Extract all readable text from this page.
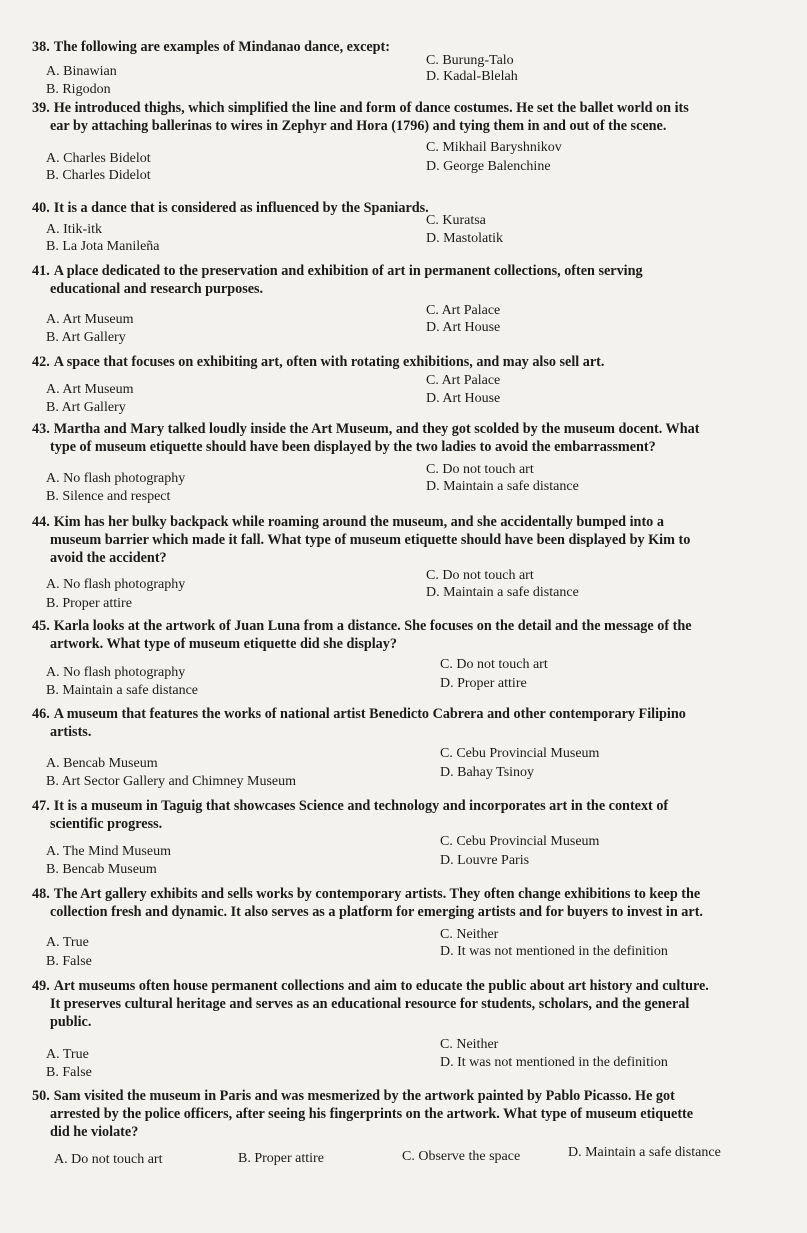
38. The following are examples of Mindanao dance, except:
A. Binawian
B. Rigodon
C. Burung-Talo
D. Kadal-Blelah
39. He introduced thighs, which simplified the line and form of dance costumes. He set the ballet world on its
ear by attaching ballerinas to wires in Zephyr and Hora (1796) and tying them in and out of the scene.
A. Charles Bidelot
B. Charles Didelot
C. Mikhail Baryshnikov
D. George Balenchine
40. It is a dance that is considered as influenced by the Spaniards.
A. Itik-itk
B. La Jota Manileña
C. Kuratsa
D. Mastolatik
41. A place dedicated to the preservation and exhibition of art in permanent collections, often serving
educational and research purposes.
A. Art Museum
B. Art Gallery
C. Art Palace
D. Art House
42. A space that focuses on exhibiting art, often with rotating exhibitions, and may also sell art.
A. Art Museum
B. Art Gallery
C. Art Palace
D. Art House
43. Martha and Mary talked loudly inside the Art Museum, and they got scolded by the museum docent. What
type of museum etiquette should have been displayed by the two ladies to avoid the embarrassment?
A. No flash photography
B. Silence and respect
C. Do not touch art
D. Maintain a safe distance
44. Kim has her bulky backpack while roaming around the museum, and she accidentally bumped into a
museum barrier which made it fall. What type of museum etiquette should have been displayed by Kim to
avoid the accident?
A. No flash photography
B. Proper attire
C. Do not touch art
D. Maintain a safe distance
45. Karla looks at the artwork of Juan Luna from a distance. She focuses on the detail and the message of the
artwork. What type of museum etiquette did she display?
A. No flash photography
B. Maintain a safe distance
C. Do not touch art
D. Proper attire
46. A museum that features the works of national artist Benedicto Cabrera and other contemporary Filipino
artists.
A. Bencab Museum
B. Art Sector Gallery and Chimney Museum
C. Cebu Provincial Museum
D. Bahay Tsinoy
47. It is a museum in Taguig that showcases Science and technology and incorporates art in the context of
scientific progress.
A. The Mind Museum
B. Bencab Museum
C. Cebu Provincial Museum
D. Louvre Paris
48. The Art gallery exhibits and sells works by contemporary artists. They often change exhibitions to keep the
collection fresh and dynamic. It also serves as a platform for emerging artists and for buyers to invest in art.
A. True
B. False
C. Neither
D. It was not mentioned in the definition
49. Art museums often house permanent collections and aim to educate the public about art history and culture.
It preserves cultural heritage and serves as an educational resource for students, scholars, and the general
public.
A. True
B. False
C. Neither
D. It was not mentioned in the definition
50. Sam visited the museum in Paris and was mesmerized by the artwork painted by Pablo Picasso. He got
arrested by the police officers, after seeing his fingerprints on the artwork. What type of museum etiquette
did he violate?
A. Do not touch art	B. Proper attire	C. Observe the space	D. Maintain a safe distance
